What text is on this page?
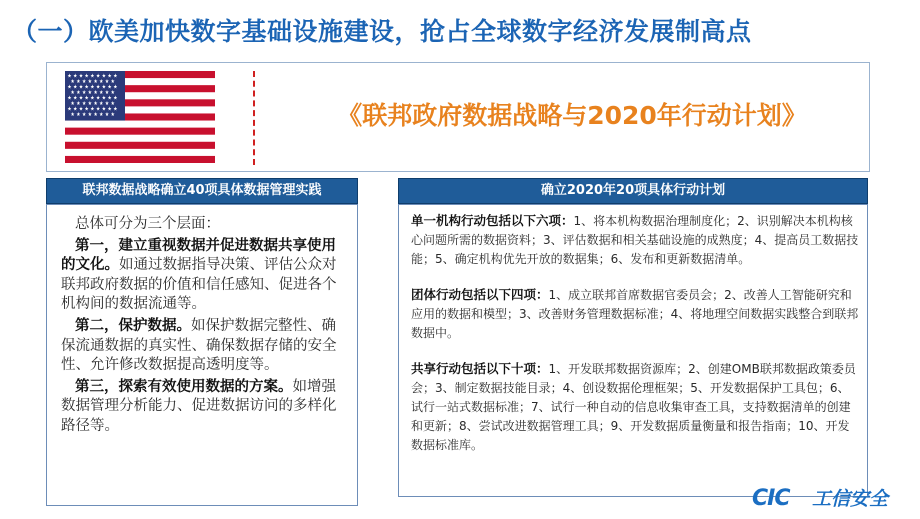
（一）欧美加快数字基础设施建设，抢占全球数字经济发展制高点
★ ★ ★ ★ ★ ★ ★ ★ ★
★ ★ ★ ★ ★ ★ ★ ★
★ ★ ★ ★ ★ ★ ★ ★ ★
★ ★ ★ ★ ★ ★ ★ ★
★ ★ ★ ★ ★ ★ ★ ★ ★
★ ★ ★ ★ ★ ★ ★ ★
★ ★ ★ ★ ★ ★ ★ ★ ★
★ ★ ★ ★ ★ ★ ★ ★	《联邦政府数据战略与2020年行动计划》
联邦数据战略确立40项具体数据管理实践

总体可分为三个层面：

第一，建立重视数据并促进数据共享使用的文化。如通过数据指导决策、评估公众对联邦政府数据的价值和信任感知、促进各个机构间的数据流通等。

第二，保护数据。如保护数据完整性、确保流通数据的真实性、确保数据存储的安全性、允许修改数据提高透明度等。

第三，探索有效使用数据的方案。如增强数据管理分析能力、促进数据访问的多样化路径等。

确立2020年20项具体行动计划

单一机构行动包括以下六项：1、将本机构数据治理制度化；2、识别解决本机构核心问题所需的数据资料；3、评估数据和相关基础设施的成熟度；4、提高员工数据技能；5、确定机构优先开放的数据集；6、发布和更新数据清单。

团体行动包括以下四项：1、成立联邦首席数据官委员会；2、改善人工智能研究和应用的数据和模型；3、改善财务管理数据标准；4、将地理空间数据实践整合到联邦数据中。

共享行动包括以下十项：1、开发联邦数据资源库；2、创建OMB联邦数据政策委员会；3、制定数据技能目录；4、创设数据伦理框架；5、开发数据保护工具包；6、试行一站式数据标准；7、试行一种自动的信息收集审查工具，支持数据清单的创建和更新；8、尝试改进数据管理工具；9、开发数据质量衡量和报告指南；10、开发数据标准库。

CIC 工信安全
